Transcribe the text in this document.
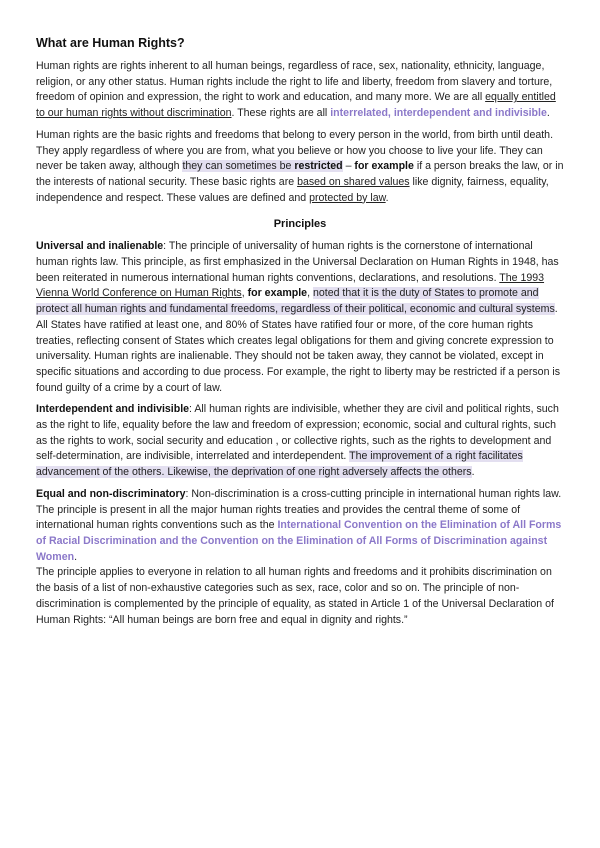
What are Human Rights?

Human rights are rights inherent to all human beings, regardless of race, sex, nationality, ethnicity, language, religion, or any other status. Human rights include the right to life and liberty, freedom from slavery and torture, freedom of opinion and expression, the right to work and education, and many more. We are all equally entitled to our human rights without discrimination. These rights are all interrelated, interdependent and indivisible.

Human rights are the basic rights and freedoms that belong to every person in the world, from birth until death. They apply regardless of where you are from, what you believe or how you choose to live your life. They can never be taken away, although they can sometimes be restricted – for example if a person breaks the law, or in the interests of national security. These basic rights are based on shared values like dignity, fairness, equality, independence and respect. These values are defined and protected by law.

Principles

Universal and inalienable: The principle of universality of human rights is the cornerstone of international human rights law. This principle, as first emphasized in the Universal Declaration on Human Rights in 1948, has been reiterated in numerous international human rights conventions, declarations, and resolutions. The 1993 Vienna World Conference on Human Rights, for example, noted that it is the duty of States to promote and protect all human rights and fundamental freedoms, regardless of their political, economic and cultural systems. All States have ratified at least one, and 80% of States have ratified four or more, of the core human rights treaties, reflecting consent of States which creates legal obligations for them and giving concrete expression to universality. Human rights are inalienable. They should not be taken away, they cannot be violated, except in specific situations and according to due process. For example, the right to liberty may be restricted if a person is found guilty of a crime by a court of law.

Interdependent and indivisible: All human rights are indivisible, whether they are civil and political rights, such as the right to life, equality before the law and freedom of expression; economic, social and cultural rights, such as the rights to work, social security and education , or collective rights, such as the rights to development and self-determination, are indivisible, interrelated and interdependent. The improvement of a right facilitates advancement of the others. Likewise, the deprivation of one right adversely affects the others.

Equal and non-discriminatory: Non-discrimination is a cross-cutting principle in international human rights law. The principle is present in all the major human rights treaties and provides the central theme of some of international human rights conventions such as the International Convention on the Elimination of All Forms of Racial Discrimination and the Convention on the Elimination of All Forms of Discrimination against Women.

The principle applies to everyone in relation to all human rights and freedoms and it prohibits discrimination on the basis of a list of non-exhaustive categories such as sex, race, color and so on. The principle of non-discrimination is complemented by the principle of equality, as stated in Article 1 of the Universal Declaration of Human Rights: “All human beings are born free and equal in dignity and rights.”
